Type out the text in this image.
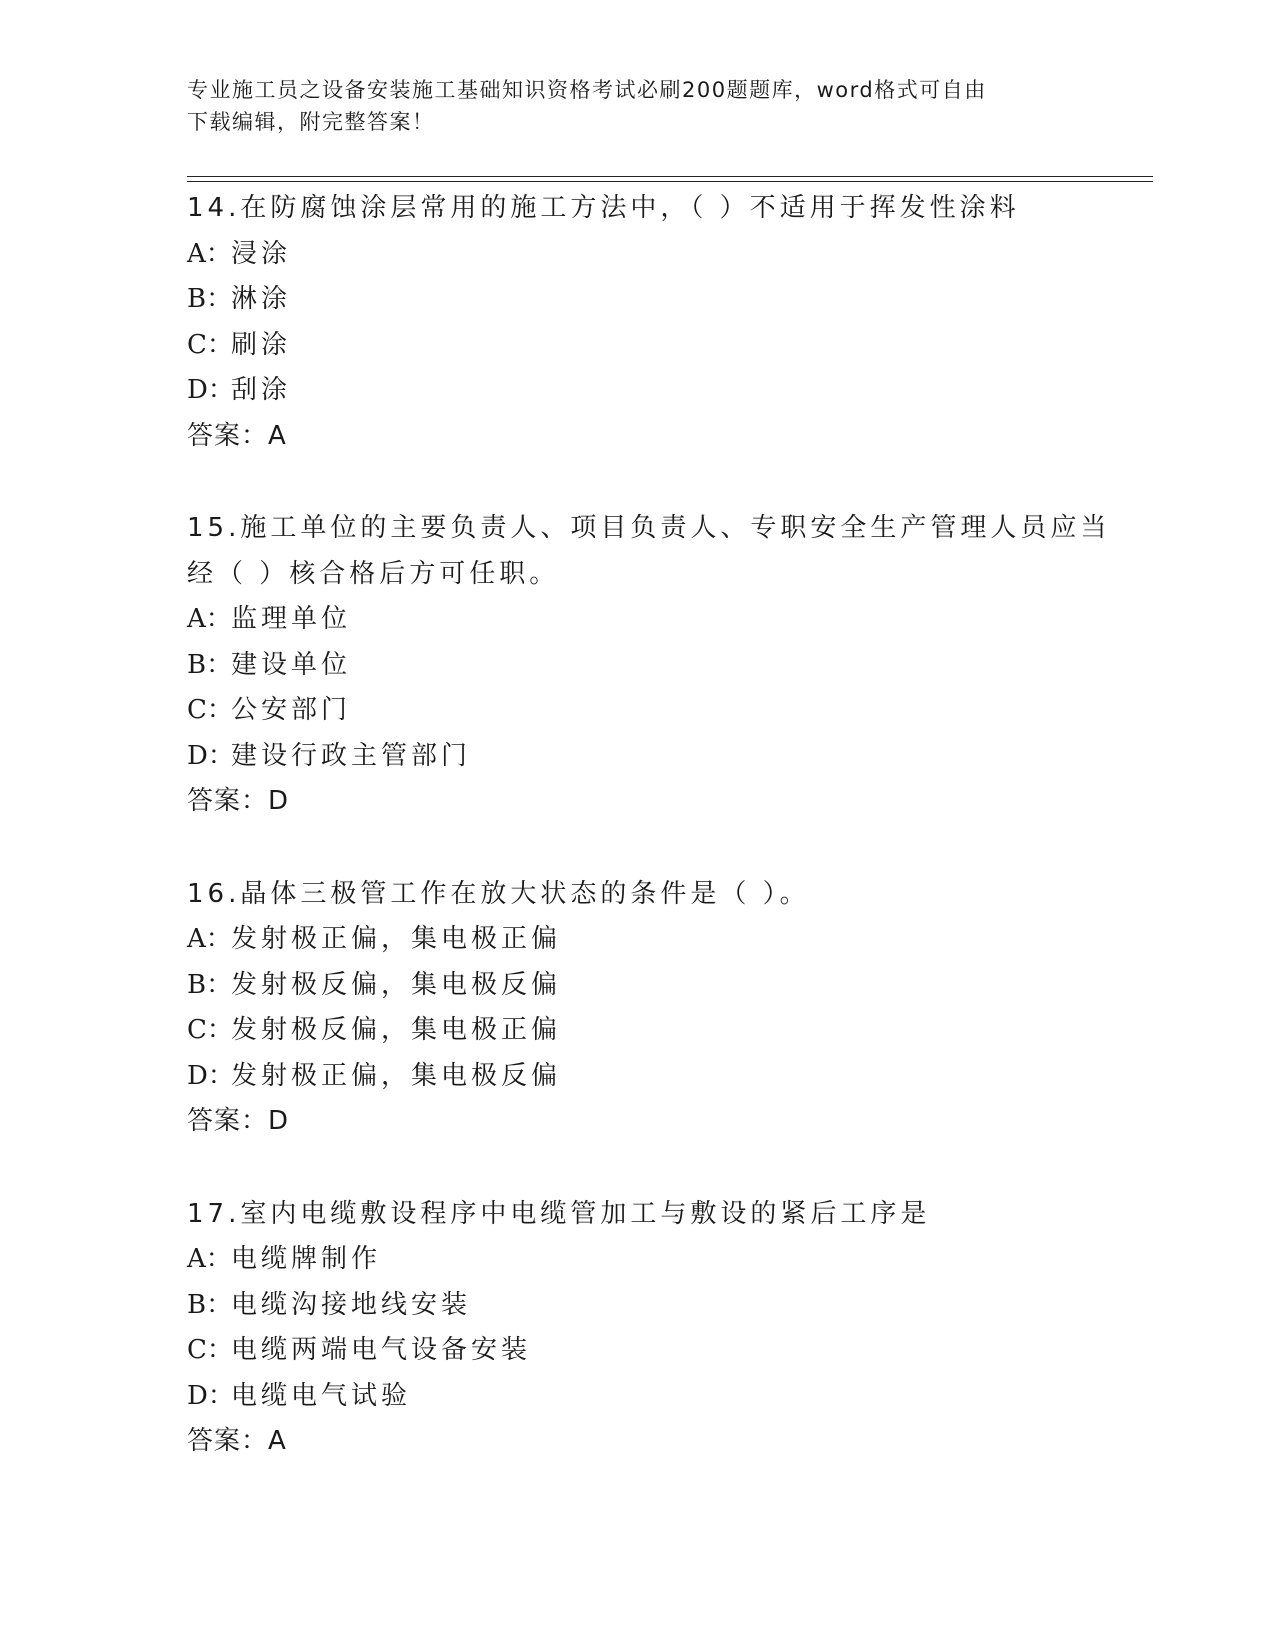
专业施工员之设备安装施工基础知识资格考试必刷200题题库，word格式可自由
下载编辑，附完整答案！
14.在防腐蚀涂层常用的施工方法中，（ ）不适用于挥发性涂料
A：浸涂
B：淋涂
C：刷涂
D：刮涂
答案：A
15.施工单位的主要负责人、项目负责人、专职安全生产管理人员应当
经（ ）核合格后方可任职。
A：监理单位
B：建设单位
C：公安部门
D：建设行政主管部门
答案：D
16.晶体三极管工作在放大状态的条件是（ ）。
A：发射极正偏，集电极正偏
B：发射极反偏，集电极反偏
C：发射极反偏，集电极正偏
D：发射极正偏，集电极反偏
答案：D
17.室内电缆敷设程序中电缆管加工与敷设的紧后工序是
A：电缆牌制作
B：电缆沟接地线安装
C：电缆两端电气设备安装
D：电缆电气试验
答案：A
